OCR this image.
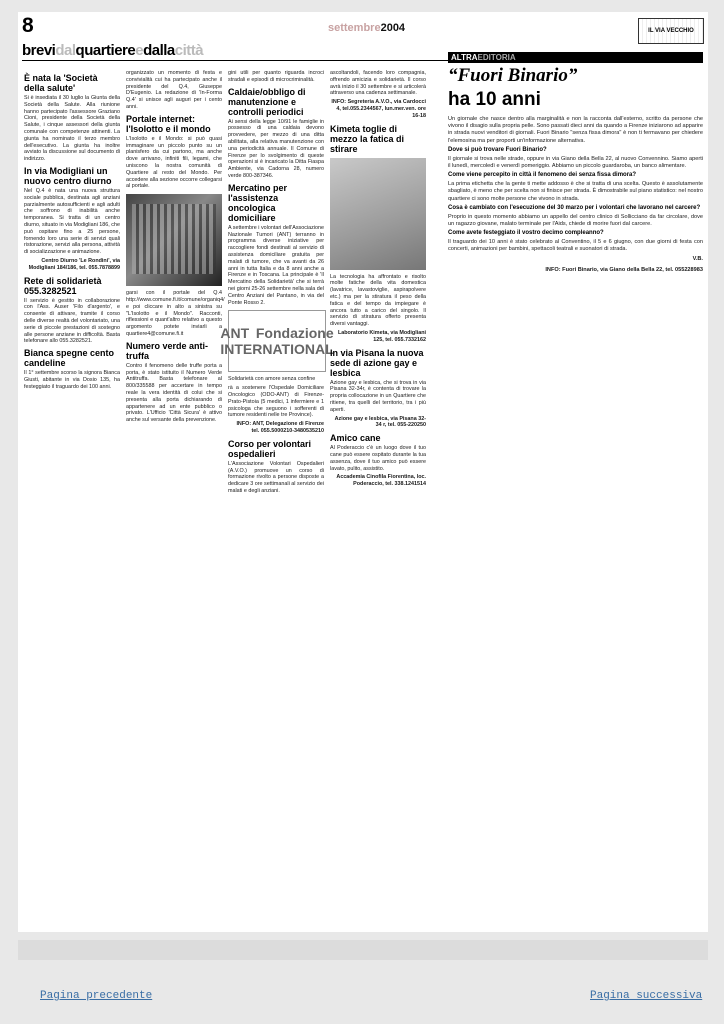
8	settembre2004	IL VIA VECCHIO
brevidalquartiereedallacittà
È nata la 'Società della salute'

Si è insediata il 30 luglio la Giunta della Società della Salute. Alla riunione hanno partecipato l'assessore Graziano Cioni, presidente della Società della Salute, i cinque assessori della giunta comunale con competenze attinenti. La giunta ha nominato il terzo membro dell'esecutivo. La giunta ha inoltre avviato la discussione sul documento di indirizzo.

In via Modigliani un nuovo centro diurno

Nel Q.4 è nata una nuova struttura sociale pubblica, destinata agli anziani parzialmente autosufficienti e agli adulti che soffrono di inabilità anche temporanea. Si tratta di un centro diurno, situato in via Modigliani 186, che può ospitare fino a 25 persone, fornendo loro una serie di servizi quali ristorazione, servizi alla persona, attività di socializzazione e animazione.

Centro Diurno 'Le Rondini', via Modigliani 184/186, tel. 055.7878899

Rete di solidarietà 055.3282521

Il servizio è gestito in collaborazione con l'Ass. Auser 'Filo d'argento', e consente di attivare, tramite il corso delle diverse realtà del volontariato, una serie di piccole prestazioni di sostegno alle persone anziane in difficoltà. Basta telefonare allo 055.3282521.

Bianca spegne cento candeline

Il 1° settembre scorso la signora Bianca Giusti, abitante in via Dosio 135, ha festeggiato il traguardo dei 100 anni.

organizzato un momento di festa e convivialità cui ha partecipato anche il presidente del Q.4, Giuseppe D'Eugenio. La redazione di 'In-Forma Q.4' si unisce agli auguri per i cento anni.

Portale internet: l'Isolotto e il mondo

L'Isolotto e il Mondo: si può quasi immaginare un piccolo punto su un planisfero da cui partono, ma anche dove arrivano, infiniti fili, legami, che uniscono la nostra comunità di Quartiere al resto del Mondo. Per accedere alla sezione occorre collegarsi al portale.

garsi con il portale del Q.4 http://www.comune.fi.it/comune/organiq4/ e poi cliccare in alto a sinistra su "L'Isolotto e il Mondo". Racconti, riflessioni e quant'altro relativo a questo argomento potete inviarli a quartiere4@comune.fi.it

Numero verde anti-truffa

Contro il fenomeno delle truffe porta a porta, è stato istituito il Numero Verde Antitruffa. Basta telefonare al 800/335588 per accertare in tempo reale la vera identità di colui che si presenta alla porta dichiarando di appartenere ad un ente pubblico o privato. L'Ufficio 'Città Sicura' è attivo anche sul versante della prevenzione.

gini utili per quanto riguarda incroci stradali e episodi di microcriminalità.

Caldaie/obbligo di manutenzione e controlli periodici

Ai sensi della legge 10/91 le famiglie in possesso di una caldaia devono provvedere, per mezzo di una ditta abilitata, alla relativa manutenzione con una periodicità annuale. Il Comune di Firenze per lo svolgimento di queste operazioni si è incaricato la Ditta Fiaspa Ambiente, via Cadorna 28, numero verde 800-387346.

Mercatino per l'assistenza oncologica domiciliare

A settembre i volontari dell'Associazione Nazionale Tumori (ANT) terranno in programma diverse iniziative per raccogliere fondi destinati al servizio di assistenza domiciliare gratuita per malati di tumore, che va avanti da 26 anni in tutta Italia e da 8 anni anche a Firenze e in Toscana. La principale è 'Il Mercatino della Solidarietà' che si terrà nei giorni 25-26 settembre nella sala del Centro Anziani del Pantano, in via del Ponte Rosso 2.

ANT Fondazione INTERNATIONAL

Solidarietà con amore senza confine

rà a sostenere l'Ospedale Domiciliare Oncologico (ODO-ANT) di Firenze-Prato-Pistoia (5 medici, 1 infermiere e 1 psicologa che seguono i sofferenti di tumore residenti nelle tre Province).

INFO: ANT, Delegazione di Firenze tel. 055.5000210-3480535210

Corso per volontari ospedalieri

L'Associazione Volontari Ospedalieri (A.V.O.) promuove un corso di formazione rivolto a persone disposte a dedicare 3 ore settimanali al servizio dei malati e degli anziani.

ascoltandoli, facendo loro compagnia, offrendo amicizia e solidarietà. Il corso avrà inizio il 30 settembre e si articolerà attraverso una cadenza settimanale.

INFO: Segreteria A.V.O., via Cardocci 4, tel.055.2344567, lun.mer.ven. ore 16-18

Kimeta toglie di mezzo la fatica di stirare

La tecnologia ha affrontato e risolto molte fatiche della vita domestica (lavatrice, lavastoviglie, aspirapolvere etc.) ma per la stiratura il peso della fatica e del tempo da impiegare è ancora tutto a carico del singolo. Il servizio di stiratura offerto presenta diversi vantaggi.

Laboratorio Kimeta, via Modigliani 125, tel. 055.7332162

In via Pisana la nuova sede di azione gay e lesbica

Azione gay e lesbica, che si trova in via Pisana 32-34r, è contenta di trovare la propria collocazione in un Quartiere che ritiene, tra quelli del territorio, tra i più aperti.

Azione gay e lesbica, via Pisana 32-34 r, tel. 055-220250

Amico cane

Al Poderaccio c'è un luogo dove il tuo cane può essere ospitato durante la tua assenza, dove il tuo amico può essere lavato, pulito, assistito.

Accademia Cinofila Fiorentina, loc. Poderaccio, tel. 338.1241514

ALTRAEDITORIA
“Fuori Binario”
ha 10 anni

Un giornale che nasce dentro alla marginalità e non la racconta dall'esterno, scritto da persone che vivono il disagio sulla propria pelle. Sono passati dieci anni da quando a Firenze iniziarono ad apparire in strada nuovi venditori di giornali. Fuori Binario "senza fissa dimora" è non ti fermavano per chiedere l'elemosina ma per proporti un'informazione alternativa.

Dove si può trovare Fuori Binario?

Il giornale si trova nelle strade, oppure in via Giano della Bella 22, al nuovo Convennino. Siamo aperti il lunedì, mercoledì e venerdì pomeriggio. Abbiamo un piccolo guardaroba, un banco alimentare.

Come viene percepito in città il fenomeno dei senza fissa dimora?

La prima etichetta che la gente ti mette addosso è che si tratta di una scelta. Questo è assolutamente sbagliato, è meno che per scelta non si finisce per strada. È dimostrabile sul piano statistico: nel nostro quartiere ci sono molte persone che vivono in strada.

Cosa è cambiato con l'esecuzione del 30 marzo per i volontari che lavorano nel carcere?

Proprio in questo momento abbiamo un appello del centro clinico di Sollicciano da far circolare, dove un ragazzo giovane, malato terminale per l'Aids, chiede di morire fuori dal carcere.

Come avete festeggiato il vostro decimo compleanno?

Il traguardo dei 10 anni è stato celebrato al Conventino, il 5 e 6 giugno, con due giorni di festa con concerti, animazioni per bambini, spettacoli teatrali e suonatori di strada.

V.B.

INFO: Fuori Binario, via Giano della Bella 22, tel. 055228983

Pagina precedente	Pagina successiva
